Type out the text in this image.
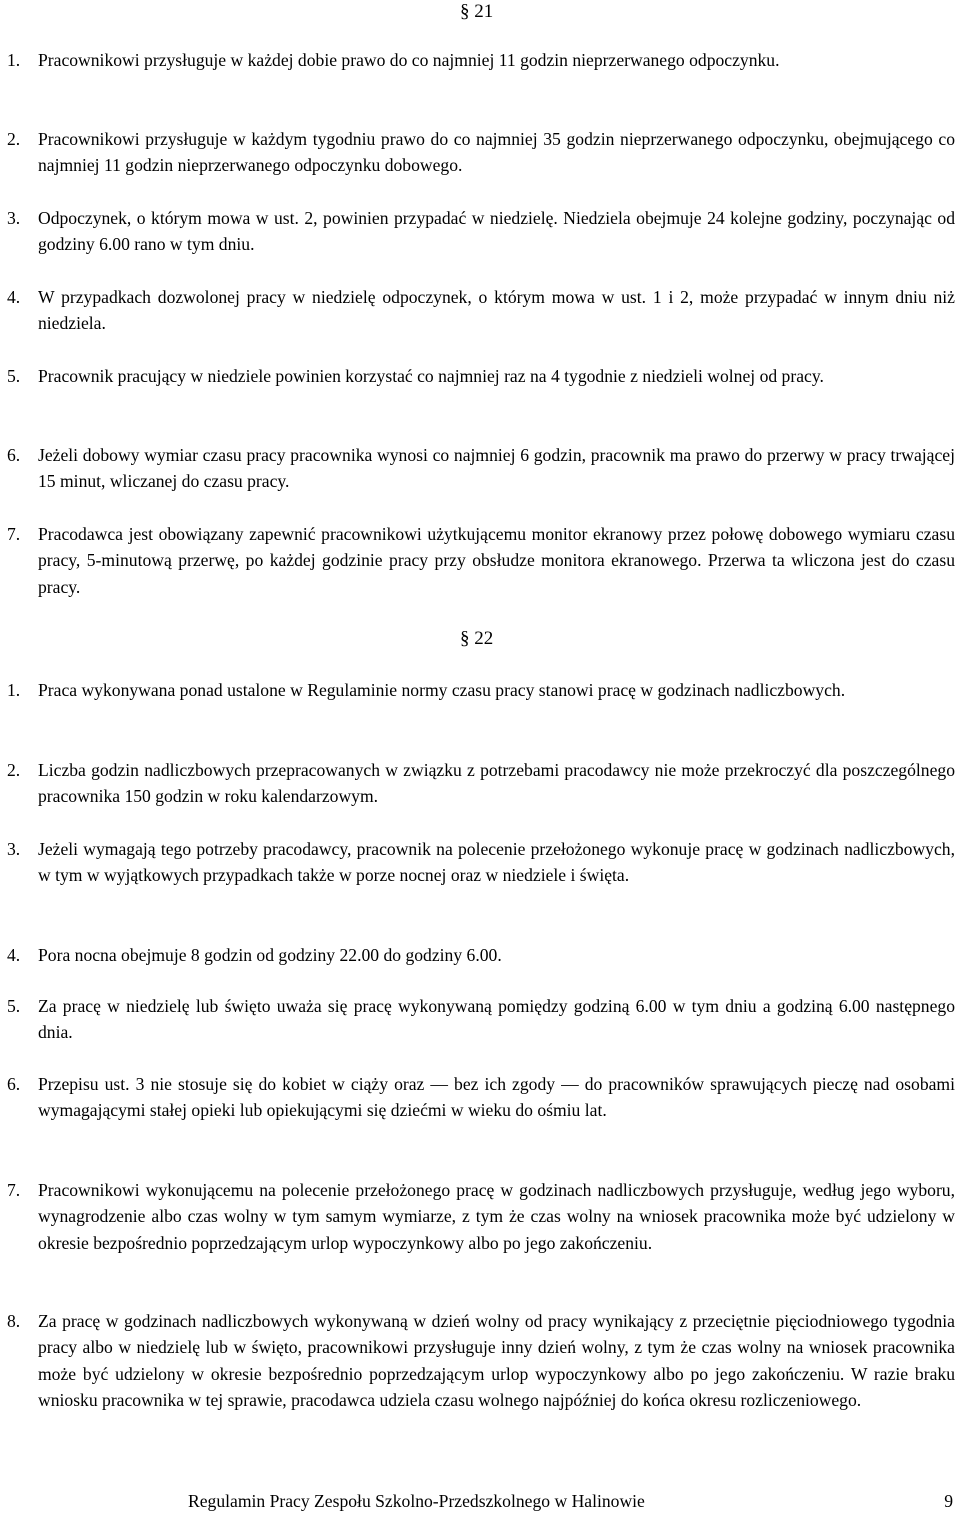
§ 21
1. Pracownikowi przysługuje w każdej dobie prawo do co najmniej 11 godzin nieprzerwanego odpoczynku.
2. Pracownikowi przysługuje w każdym tygodniu prawo do co najmniej 35 godzin nieprzerwanego odpoczynku, obejmującego co najmniej 11 godzin nieprzerwanego odpoczynku dobowego.
3. Odpoczynek, o którym mowa w ust. 2, powinien przypadać w niedzielę. Niedziela obejmuje 24 kolejne godziny, poczynając od godziny 6.00 rano w tym dniu.
4. W przypadkach dozwolonej pracy w niedzielę odpoczynek, o którym mowa w ust. 1 i 2, może przypadać w innym dniu niż niedziela.
5. Pracownik pracujący w niedziele powinien korzystać co najmniej raz na 4 tygodnie z niedzieli wolnej od pracy.
6. Jeżeli dobowy wymiar czasu pracy pracownika wynosi co najmniej 6 godzin, pracownik ma prawo do przerwy w pracy trwającej 15 minut, wliczanej do czasu pracy.
7. Pracodawca jest obowiązany zapewnić pracownikowi użytkującemu monitor ekranowy przez połowę dobowego wymiaru czasu pracy, 5-minutową przerwę, po każdej godzinie pracy przy obsłudze monitora ekranowego. Przerwa ta wliczona jest do czasu pracy.
§ 22
1. Praca wykonywana ponad ustalone w Regulaminie normy czasu pracy stanowi pracę w godzinach nadliczbowych.
2. Liczba godzin nadliczbowych przepracowanych w związku z potrzebami pracodawcy nie może przekroczyć dla poszczególnego pracownika 150 godzin w roku kalendarzowym.
3. Jeżeli wymagają tego potrzeby pracodawcy, pracownik na polecenie przełożonego wykonuje pracę w godzinach nadliczbowych, w tym w wyjątkowych przypadkach także w porze nocnej oraz w niedziele i święta.
4. Pora nocna obejmuje 8 godzin od godziny 22.00 do godziny 6.00.
5. Za pracę w niedzielę lub święto uważa się pracę wykonywaną pomiędzy godziną 6.00 w tym dniu a godziną 6.00 następnego dnia.
6. Przepisu ust. 3 nie stosuje się do kobiet w ciąży oraz — bez ich zgody — do pracowników sprawujących pieczę nad osobami wymagającymi stałej opieki lub opiekującymi się dziećmi w wieku do ośmiu lat.
7. Pracownikowi wykonującemu na polecenie przełożonego pracę w godzinach nadliczbowych przysługuje, według jego wyboru, wynagrodzenie albo czas wolny w tym samym wymiarze, z tym że czas wolny na wniosek pracownika może być udzielony w okresie bezpośrednio poprzedzającym urlop wypoczynkowy albo po jego zakończeniu.
8. Za pracę w godzinach nadliczbowych wykonywaną w dzień wolny od pracy wynikający z przeciętnie pięciodniowego tygodnia pracy albo w niedzielę lub w święto, pracownikowi przysługuje inny dzień wolny, z tym że czas wolny na wniosek pracownika może być udzielony w okresie bezpośrednio poprzedzającym urlop wypoczynkowy albo po jego zakończeniu. W razie braku wniosku pracownika w tej sprawie, pracodawca udziela czasu wolnego najpóźniej do końca okresu rozliczeniowego.
Regulamin Pracy Zespołu Szkolno-Przedszkolnego w Halinowie	9
